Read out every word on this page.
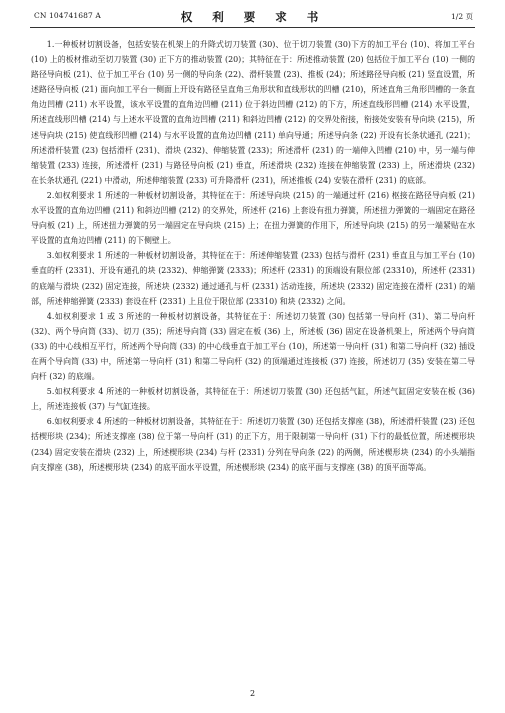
CN 104741687 A	权 利 要 求 书	1/2 页

1.一种板材切割设备，包括安装在机架上的升降式切刀装置 (30)、位于切刀装置 (30)下方的加工平台 (10)、将加工平台 (10) 上的板材推动至切刀装置 (30) 正下方的推动装置 (20)；其特征在于：所述推动装置 (20) 包括位于加工平台 (10) 一侧的路径导向板 (21)、位于加工平台 (10) 另一侧的导向条 (22)、滑杆装置 (23)、推板 (24)；所述路径导向板 (21) 竖直设置，所述路径导向板 (21) 面向加工平台一侧面上开设有路径呈直角三角形状和直线形状的凹槽 (210)，所述直角三角形凹槽的一条直角边凹槽 (211) 水平设置，该水平设置的直角边凹槽 (211) 位于斜边凹槽 (212) 的下方，所述直线形凹槽 (214) 水平设置，所述直线形凹槽 (214) 与上述水平设置的直角边凹槽 (211) 和斜边凹槽 (212) 的交界处衔接，衔接处安装有导向块 (215)，所述导向块 (215) 使直线形凹槽 (214) 与水平设置的直角边凹槽 (211) 单向导通；所述导向条 (22) 开设有长条状通孔 (221)；所述滑杆装置 (23) 包括滑杆 (231)、滑块 (232)、伸缩装置 (233)；所述滑杆 (231) 的一端伸入凹槽 (210) 中，另一端与伸缩装置 (233) 连接，所述滑杆 (231) 与路径导向板 (21) 垂直，所述滑块 (232) 连接在伸缩装置 (233) 上，所述滑块 (232) 在长条状通孔 (221) 中滑动，所述伸缩装置 (233) 可升降滑杆 (231)，所述推板 (24) 安装在滑杆 (231) 的底部。

2.如权利要求 1 所述的一种板材切割设备，其特征在于：所述导向块 (215) 的一端通过杆 (216) 枢接在路径导向板 (21) 水平设置的直角边凹槽 (211) 和斜边凹槽 (212) 的交界处，所述杆 (216) 上套设有扭力弹簧，所述扭力弹簧的一端固定在路径导向板 (21) 上，所述扭力弹簧的另一端固定在导向块 (215) 上；在扭力弹簧的作用下，所述导向块 (215) 的另一端紧贴在水平设置的直角边凹槽 (211) 的下侧壁上。

3.如权利要求 1 所述的一种板材切割设备，其特征在于：所述伸缩装置 (233) 包括与滑杆 (231) 垂直且与加工平台 (10) 垂直的杆 (2331)、开设有通孔的块 (2332)、伸缩弹簧 (2333)；所述杆 (2331) 的顶端设有限位部 (23310)，所述杆 (2331) 的底端与滑块 (232) 固定连接，所述块 (2332) 通过通孔与杆 (2331) 活动连接，所述块 (2332) 固定连接在滑杆 (231) 的端部，所述伸缩弹簧 (2333) 套设在杆 (2331) 上且位于限位部 (23310) 和块 (2332) 之间。

4.如权利要求 1 或 3 所述的一种板材切割设备，其特征在于：所述切刀装置 (30) 包括第一导向杆 (31)、第二导向杆 (32)、两个导向筒 (33)、切刀 (35)；所述导向筒 (33) 固定在板 (36) 上，所述板 (36) 固定在设备机架上，所述两个导向筒 (33) 的中心线相互平行，所述两个导向筒 (33) 的中心线垂直于加工平台 (10)，所述第一导向杆 (31) 和第二导向杆 (32) 插设在两个导向筒 (33) 中，所述第一导向杆 (31) 和第二导向杆 (32) 的顶端通过连接板 (37) 连接，所述切刀 (35) 安装在第二导向杆 (32) 的底端。

5.如权利要求 4 所述的一种板材切割设备，其特征在于：所述切刀装置 (30) 还包括气缸，所述气缸固定安装在板 (36) 上，所述连接板 (37) 与气缸连接。

6.如权利要求 4 所述的一种板材切割设备，其特征在于：所述切刀装置 (30) 还包括支撑座 (38)，所述滑杆装置 (23) 还包括楔形块 (234)；所述支撑座 (38) 位于第一导向杆 (31) 的正下方，用于限制第一导向杆 (31) 下行的最低位置，所述楔形块 (234) 固定安装在滑块 (232) 上，所述楔形块 (234) 与杆 (2331) 分列在导向条 (22) 的两侧，所述楔形块 (234) 的小头端指向支撑座 (38)，所述楔形块 (234) 的底平面水平设置，所述楔形块 (234) 的底平面与支撑座 (38) 的顶平面等高。

2
